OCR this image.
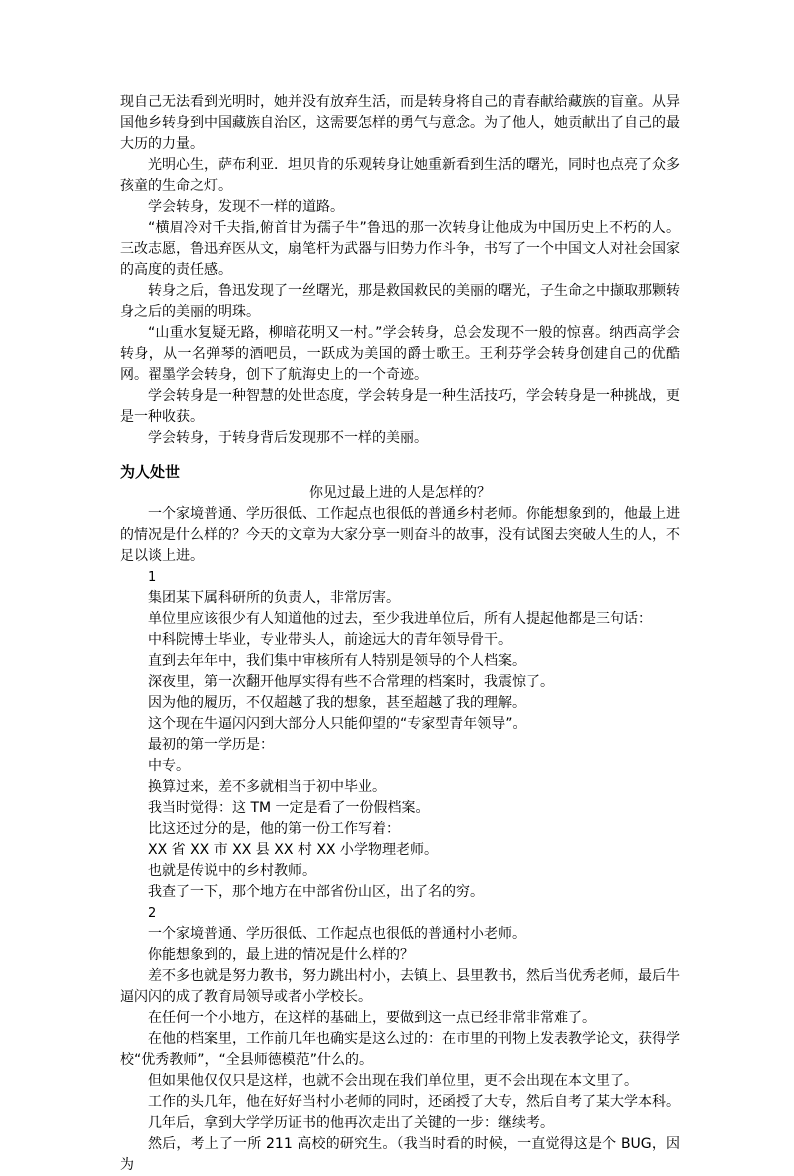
现自己无法看到光明时，她并没有放弃生活，而是转身将自己的青春献给藏族的盲童。从异国他乡转身到中国藏族自治区，这需要怎样的勇气与意念。为了他人，她贡献出了自己的最大历的力量。

光明心生，萨布利亚．坦贝肯的乐观转身让她重新看到生活的曙光，同时也点亮了众多孩童的生命之灯。

学会转身，发现不一样的道路。

“横眉冷对千夫指,俯首甘为孺子牛”鲁迅的那一次转身让他成为中国历史上不朽的人。三改志愿，鲁迅弃医从文，扇笔杆为武器与旧势力作斗争，书写了一个中国文人对社会国家的高度的责任感。

转身之后，鲁迅发现了一丝曙光，那是救国救民的美丽的曙光，子生命之中撷取那颗转身之后的美丽的明珠。

“山重水复疑无路，柳暗花明又一村。”学会转身，总会发现不一般的惊喜。纳西高学会转身，从一名弹琴的酒吧员，一跃成为美国的爵士歌王。王利芬学会转身创建自己的优酷网。翟墨学会转身，创下了航海史上的一个奇迹。

学会转身是一种智慧的处世态度，学会转身是一种生活技巧，学会转身是一种挑战，更是一种收获。

学会转身，于转身背后发现那不一样的美丽。

为人处世

你见过最上进的人是怎样的？

一个家境普通、学历很低、工作起点也很低的普通乡村老师。你能想象到的，他最上进的情况是什么样的？今天的文章为大家分享一则奋斗的故事，没有试图去突破人生的人，不足以谈上进。

1

集团某下属科研所的负责人，非常厉害。

单位里应该很少有人知道他的过去，至少我进单位后，所有人提起他都是三句话：

中科院博士毕业，专业带头人，前途远大的青年领导骨干。

直到去年年中，我们集中审核所有人特别是领导的个人档案。

深夜里，第一次翻开他厚实得有些不合常理的档案时，我震惊了。

因为他的履历，不仅超越了我的想象，甚至超越了我的理解。

这个现在牛逼闪闪到大部分人只能仰望的“专家型青年领导”。

最初的第一学历是：

中专。

换算过来，差不多就相当于初中毕业。

我当时觉得：这 TM 一定是看了一份假档案。

比这还过分的是，他的第一份工作写着：

XX 省 XX 市 XX 县 XX 村 XX 小学物理老师。

也就是传说中的乡村教师。

我查了一下，那个地方在中部省份山区，出了名的穷。

2

一个家境普通、学历很低、工作起点也很低的普通村小老师。

你能想象到的，最上进的情况是什么样的？

差不多也就是努力教书，努力跳出村小，去镇上、县里教书，然后当优秀老师，最后牛逼闪闪的成了教育局领导或者小学校长。

在任何一个小地方，在这样的基础上，要做到这一点已经非常非常难了。

在他的档案里，工作前几年也确实是这么过的：在市里的刊物上发表教学论文，获得学校“优秀教师”，“全县师德模范”什么的。

但如果他仅仅只是这样，也就不会出现在我们单位里，更不会出现在本文里了。

工作的头几年，他在好好当村小老师的同时，还函授了大专，然后自考了某大学本科。

几年后，拿到大学学历证书的他再次走出了关键的一步：继续考。

然后，考上了一所 211 高校的研究生。（我当时看的时候，一直觉得这是个 BUG，因为
